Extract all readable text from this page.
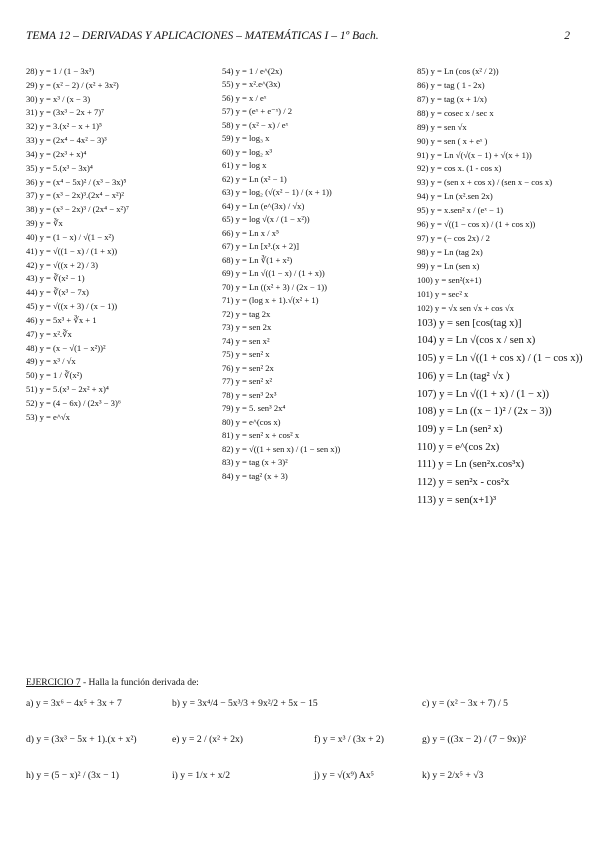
TEMA 12 – DERIVADAS Y APLICACIONES – MATEMÁTICAS I – 1º Bach.	2
28) y = 1 / (1 − 3x³)
29) y = (x² − 2) / (x² + 3x²)
30) y = x³ / (x − 3)
31) y = (3x³ − 2x + 7)⁷
32) y = 3.(x² − x + 1)⁵
33) y = (2x⁴ − 4x² − 3)³
34) y = (2x³ + x)⁴
35) y = 5.(x³ − 3x)⁴
36) y = (x⁴ − 5x)² / (x³ − 3x)⁵
37) y = (x³ − 2x)³.(2x⁴ − x²)²
38) y = (x³ − 2x)³ / (2x⁴ − x²)⁷
39) y = ∛x
40) y = (1 − x) / √(1 − x²)
41) y = √((1 − x) / (1 + x))
42) y = √((x + 2) / 3)
43) y = ∛(x² − 1)
44) y = ∛(x³ − 7x)
45) y = √((x + 3) / (x − 1))
46) y = 5x³ + ∛x + 1
47) y = x².∛x
48) y = (x − √(1 − x²))²
49) y = x³ / √x
50) y = 1 / ∛(x²)
51) y = 5.(x³ − 2x² + x)⁴
52) y = (4 − 6x) / (2x³ − 3)⁶
53) y = e^√x
54) y = 1 / e^(2x)
55) y = x².e^(3x)
56) y = x / eˣ
57) y = (eˣ + e⁻ˣ) / 2
58) y = (x² − x) / eˣ
59) y = log₃ x
60) y = log₂ x³
61) y = log x
62) y = Ln (x² − 1)
63) y = log₂ (√(x² − 1) / (x + 1))
64) y = Ln (e^(3x) / √x)
65) y = log √(x / (1 − x²))
66) y = Ln x / x⁵
67) y = Ln [x³.(x + 2)]
68) y = Ln ∛(1 + x²)
69) y = Ln √((1 − x) / (1 + x))
70) y = Ln ((x² + 3) / (2x − 1))
71) y = (log x + 1).√(x² + 1)
72) y = tag 2x
73) y = sen 2x
74) y = sen x²
75) y = sen² x
76) y = sen² 2x
77) y = sen² x²
78) y = sen³ 2x³
79) y = 5. sen³ 2x⁴
80) y = e^(cos x)
81) y = sen² x + cos² x
82) y = √((1 + sen x) / (1 − sen x))
83) y = tag (x + 3)²
84) y = tag² (x + 3)
85) y = Ln (cos (x² / 2))
86) y = tag ( 1 - 2x)
87) y = tag (x + 1/x)
88) y = cosec x / sec x
89) y = sen √x
90) y = sen ( x + eˣ )
91) y = Ln √(√(x − 1) + √(x + 1))
92) y = cos x. (1 - cos x)
93) y = (sen x + cos x) / (sen x − cos x)
94) y = Ln (x².sen 2x)
95) y = x.sen² x / (eˣ − 1)
96) y = √((1 − cos x) / (1 + cos x))
97) y = (− cos 2x) / 2
98) y = Ln (tag 2x)
99) y = Ln (sen x)
100) y = sen²(x+1)
101) y = sec² x
102) y = √x sen √x + cos √x
103) y = sen [cos(tag x)]
104) y = Ln √(cos x / sen x)
105) y = Ln √((1 + cos x) / (1 − cos x))
106) y = Ln (tag² √x )
107) y = Ln √((1 + x) / (1 − x))
108) y = Ln ((x − 1)² / (2x − 3))
109) y = Ln (sen² x)
110) y = e^(cos 2x)
111) y = Ln (sen²x.cos³x)
112) y = sen²x - cos²x
113) y = sen(x+1)³
EJERCICIO 7 - Halla la función derivada de:
a) y = 3x⁶ − 4x⁵ + 3x + 7	b) y = 3x⁴/4 − 5x³/3 + 9x²/2 + 5x − 15	c) y = (x² − 3x + 7) / 5
d) y = (3x³ − 5x + 1).(x + x²)	e) y = 2 / (x² + 2x)	f) y = x³ / (3x + 2)	g) y = ((3x − 2) / (7 − 9x))²
h) y = (5 − x)² / (3x − 1)	i) y = 1/x + x/2	j) y = √(x⁹) Ax⁵	k) y = 2/x⁵ + √3
